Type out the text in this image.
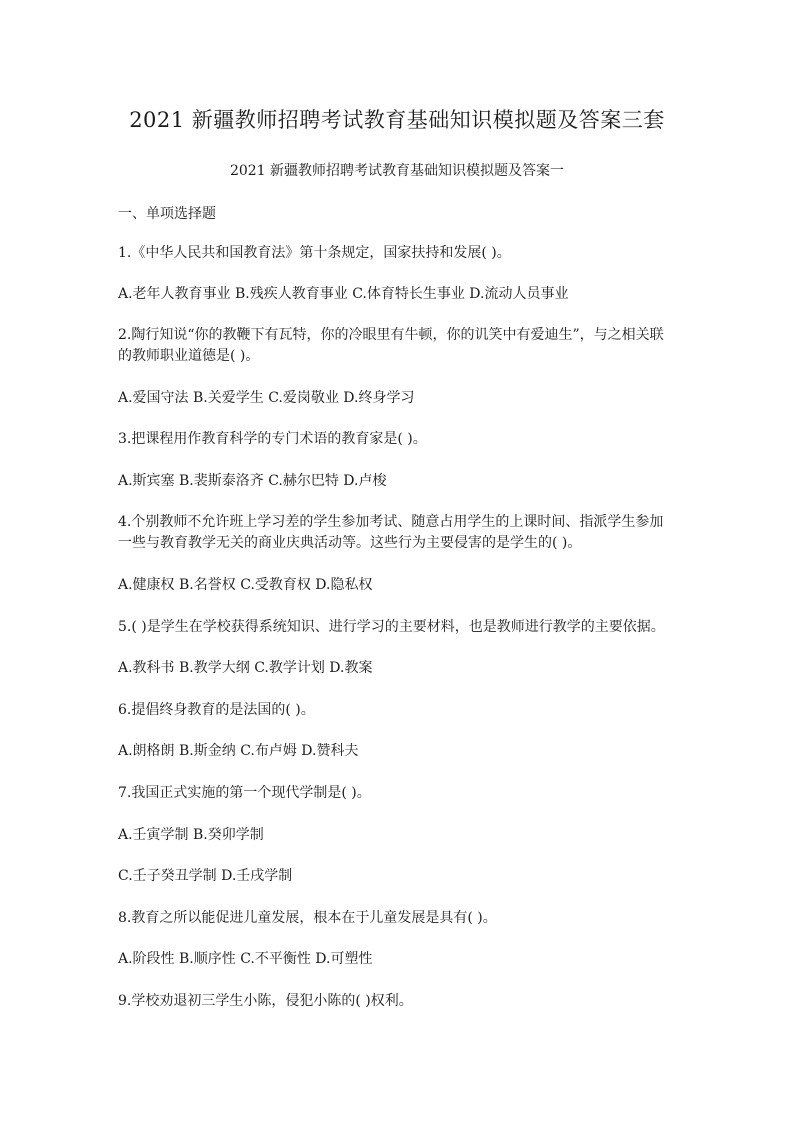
2021 新疆教师招聘考试教育基础知识模拟题及答案三套
2021 新疆教师招聘考试教育基础知识模拟题及答案一
一、单项选择题
1.《中华人民共和国教育法》第十条规定，国家扶持和发展( )。
A.老年人教育事业 B.残疾人教育事业 C.体育特长生事业 D.流动人员事业
2.陶行知说“你的教鞭下有瓦特，你的冷眼里有牛顿，你的讥笑中有爱迪生”，与之相关联
的教师职业道德是( )。
A.爱国守法 B.关爱学生 C.爱岗敬业 D.终身学习
3.把课程用作教育科学的专门术语的教育家是( )。
A.斯宾塞 B.裴斯泰洛齐 C.赫尔巴特 D.卢梭
4.个别教师不允许班上学习差的学生参加考试、随意占用学生的上课时间、指派学生参加
一些与教育教学无关的商业庆典活动等。这些行为主要侵害的是学生的( )。
A.健康权 B.名誉权 C.受教育权 D.隐私权
5.( )是学生在学校获得系统知识、进行学习的主要材料，也是教师进行教学的主要依据。
A.教科书 B.教学大纲 C.教学计划 D.教案
6.提倡终身教育的是法国的( )。
A.朗格朗 B.斯金纳 C.布卢姆 D.赞科夫
7.我国正式实施的第一个现代学制是( )。
A.壬寅学制 B.癸卯学制
C.壬子癸丑学制 D.壬戌学制
8.教育之所以能促进儿童发展，根本在于儿童发展是具有( )。
A.阶段性 B.顺序性 C.不平衡性 D.可塑性
9.学校劝退初三学生小陈，侵犯小陈的( )权利。
